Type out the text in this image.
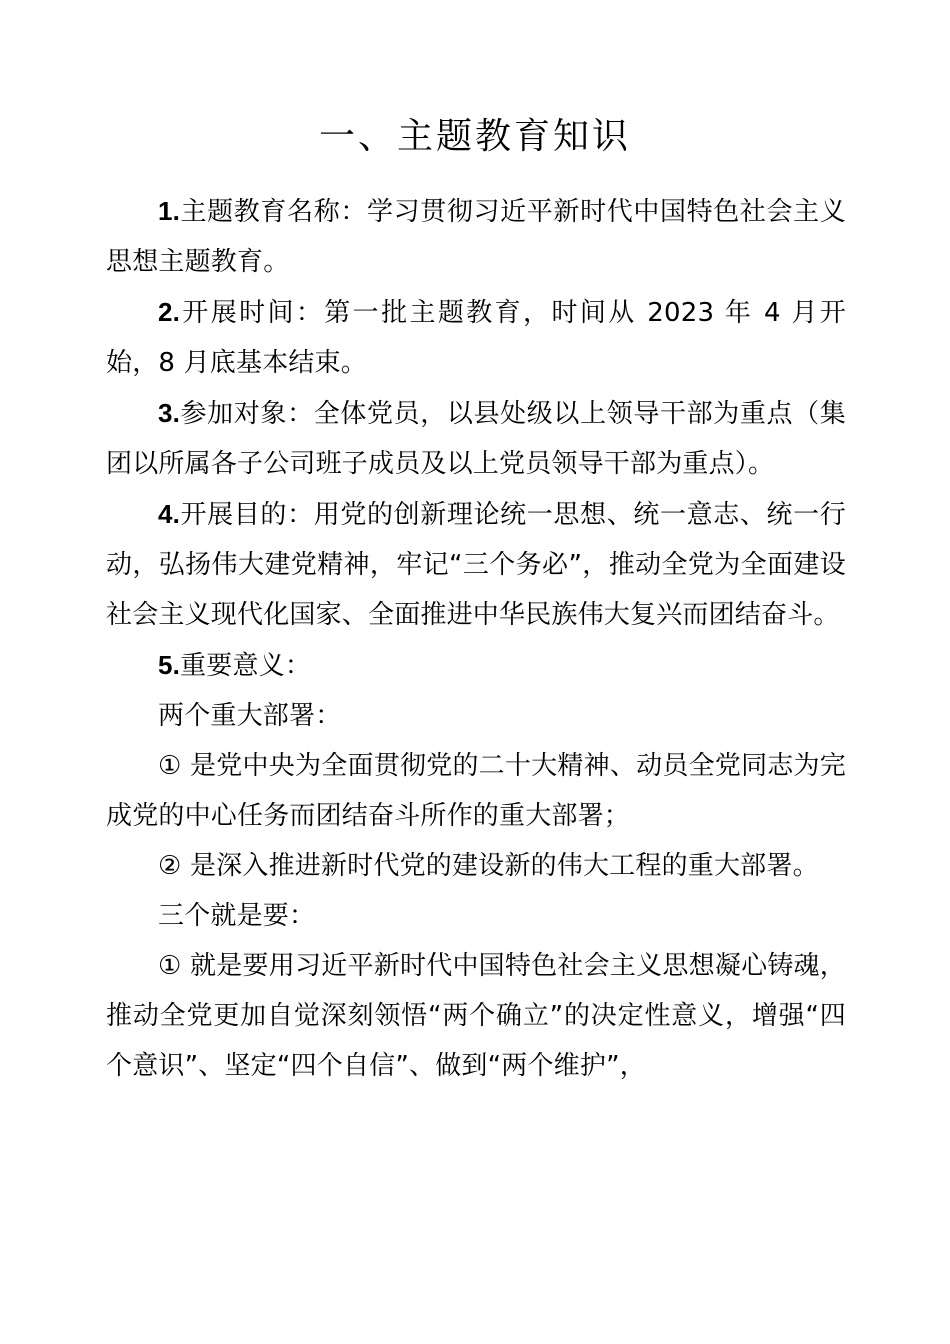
一、主题教育知识

1.主题教育名称：学习贯彻习近平新时代中国特色社会主义思想主题教育。

2.开展时间：第一批主题教育，时间从 2023 年 4 月开始，8 月底基本结束。

3.参加对象：全体党员，以县处级以上领导干部为重点（集团以所属各子公司班子成员及以上党员领导干部为重点）。

4.开展目的：用党的创新理论统一思想、统一意志、统一行动，弘扬伟大建党精神，牢记“三个务必”，推动全党为全面建设社会主义现代化国家、全面推进中华民族伟大复兴而团结奋斗。

5.重要意义：

两个重大部署：

① 是党中央为全面贯彻党的二十大精神、动员全党同志为完成党的中心任务而团结奋斗所作的重大部署；

② 是深入推进新时代党的建设新的伟大工程的重大部署。

三个就是要：

① 就是要用习近平新时代中国特色社会主义思想凝心铸魂，推动全党更加自觉深刻领悟“两个确立”的决定性意义，增强“四个意识”、坚定“四个自信”、做到“两个维护”，
